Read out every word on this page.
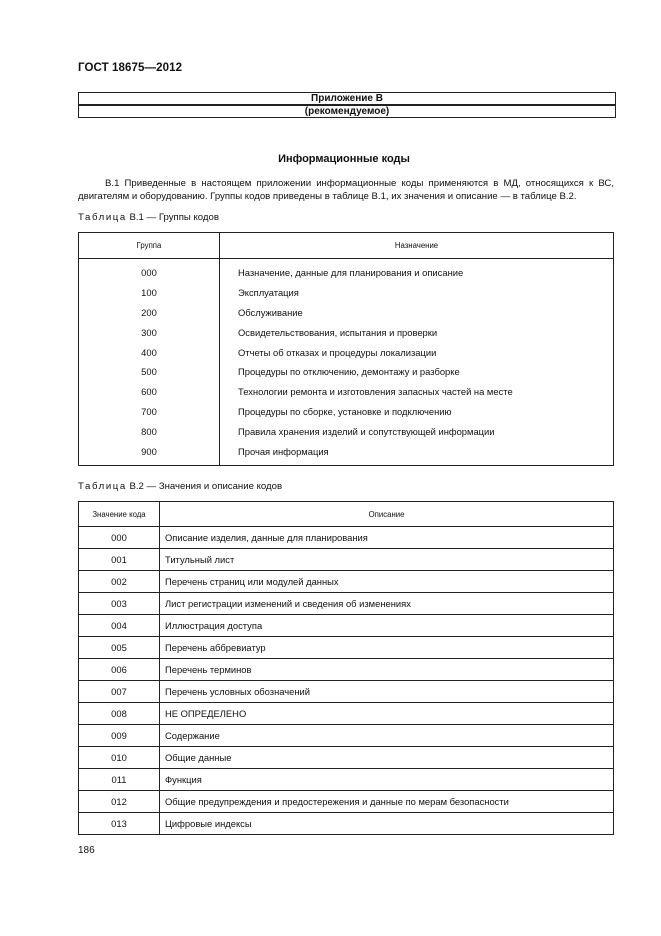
ГОСТ 18675—2012
Приложение В
(рекомендуемое)
Информационные коды
В.1 Приведенные в настоящем приложении информационные коды применяются в МД, относящихся к ВС, двигателям и оборудованию. Группы кодов приведены в таблице В.1, их значения и описание — в таблице В.2.
Таблица В.1 — Группы кодов
Группа	Назначение
000	Назначение, данные для планирования и описание
100	Эксплуатация
200	Обслуживание
300	Освидетельствования, испытания и проверки
400	Отчеты об отказах и процедуры локализации
500	Процедуры по отключению, демонтажу и разборке
600	Технологии ремонта и изготовления запасных частей на месте
700	Процедуры по сборке, установке и подключению
800	Правила хранения изделий и сопутствующей информации
900	Прочая информация
Таблица В.2 — Значения и описание кодов
Значение кода	Описание
000	Описание изделия, данные для планирования
001	Титульный лист
002	Перечень страниц или модулей данных
003	Лист регистрации изменений и сведения об изменениях
004	Иллюстрация доступа
005	Перечень аббревиатур
006	Перечень терминов
007	Перечень условных обозначений
008	НЕ ОПРЕДЕЛЕНО
009	Содержание
010	Общие данные
011	Функция
012	Общие предупреждения и предостережения и данные по мерам безопасности
013	Цифровые индексы
186
